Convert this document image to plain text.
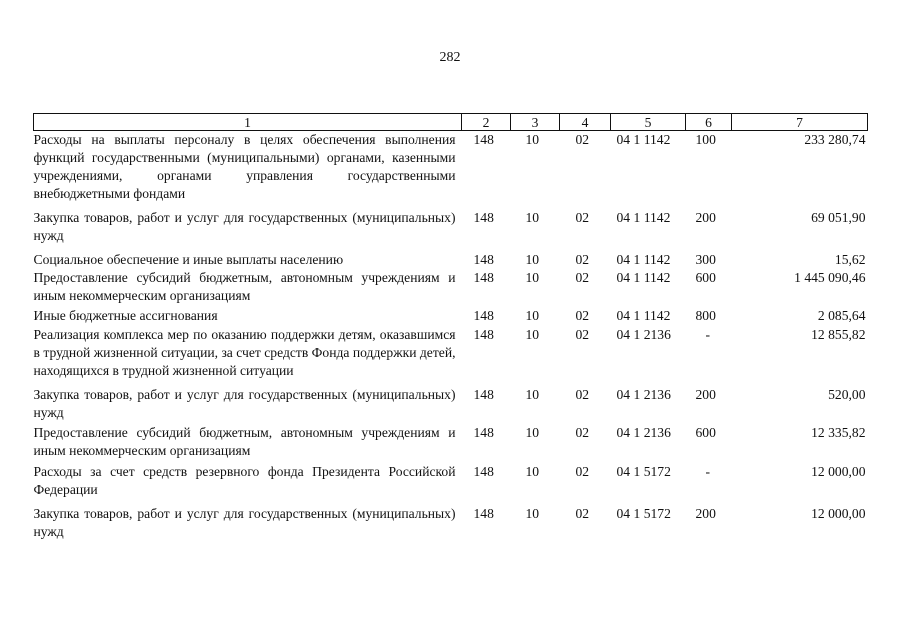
282
1	2	3	4	5	6	7
Расходы на выплаты персоналу в целях обеспечения выполнения функций государственными (муниципальными) органами, казенными учреждениями, органами управления государственными внебюджетными фондами	148	10	02	04 1 1142	100	233 280,74
Закупка товаров, работ и услуг для государственных (муниципальных) нужд	148	10	02	04 1 1142	200	69 051,90
Социальное обеспечение и иные выплаты населению	148	10	02	04 1 1142	300	15,62
Предоставление субсидий бюджетным, автономным учреждениям и иным некоммерческим организациям	148	10	02	04 1 1142	600	1 445 090,46
Иные бюджетные ассигнования	148	10	02	04 1 1142	800	2 085,64
Реализация комплекса мер по оказанию поддержки детям, оказавшимся в трудной жизненной ситуации, за счет средств Фонда поддержки детей, находящихся в трудной жизненной ситуации	148	10	02	04 1 2136	-	12 855,82
Закупка товаров, работ и услуг для государственных (муниципальных) нужд	148	10	02	04 1 2136	200	520,00
Предоставление субсидий бюджетным, автономным учреждениям и иным некоммерческим организациям	148	10	02	04 1 2136	600	12 335,82
Расходы за счет средств резервного фонда Президента Российской Федерации	148	10	02	04 1 5172	-	12 000,00
Закупка товаров, работ и услуг для государственных (муниципальных) нужд	148	10	02	04 1 5172	200	12 000,00
